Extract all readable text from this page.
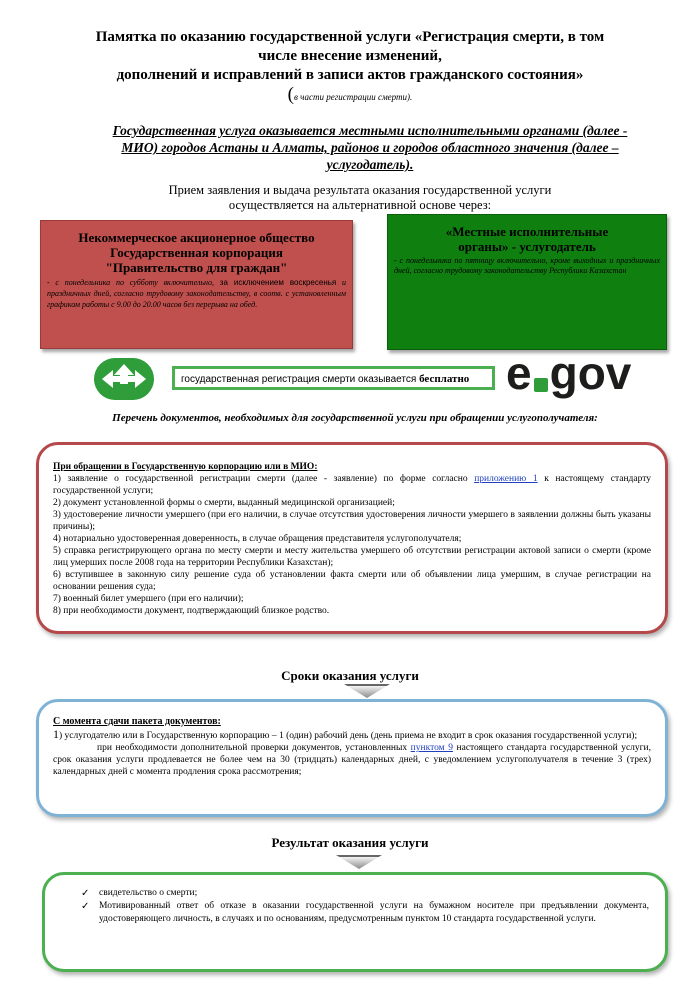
Памятка по оказанию государственной услуги «Регистрация смерти, в том
числе внесение изменений,
дополнений и исправлений в записи актов гражданского состояния»
(в части регистрации смерти).
Государственная услуга оказывается местными исполнительными органами (далее - МИО) городов Астаны и Алматы, районов и городов областного значения (далее – услугодатель).
Прием заявления и выдача результата оказания государственной услуги
осуществляется на альтернативной основе через:
Некоммерческое акционерное общество
Государственная корпорация
"Правительство для граждан"
- с понедельника по субботу включительно, за исключением воскресенья и праздничных дней, согласно трудовому законодательству, в соотв. с установленным графиком работы с 9.00 до 20.00 часов без перерыва на обед.
«Местные исполнительные
органы» - услугодатель
- с понедельника по пятницу включительно, кроме выходных и праздничных дней, согласно трудовому законодательству Республики Казахстан
государственная регистрация смерти оказывается бесплатно e gov
Перечень документов, необходимых для государственной услуги при обращении услугополучателя:
При обращении в Государственную корпорацию или в МИО:
1) заявление о государственной регистрации смерти (далее - заявление) по форме согласно приложению 1 к настоящему стандарту государственной услуги;
2) документ установленной формы о смерти, выданный медицинской организацией;
3) удостоверение личности умершего (при его наличии, в случае отсутствия удостоверения личности умершего в заявлении должны быть указаны причины);
4) нотариально удостоверенная доверенность, в случае обращения представителя услугополучателя;
5) справка регистрирующего органа по месту смерти и месту жительства умершего об отсутствии регистрации актовой записи о смерти (кроме лиц умерших после 2008 года на территории Республики Казахстан);
6) вступившее в законную силу решение суда об установлении факта смерти или об объявлении лица умершим, в случае регистрации на основании решения суда;
7) военный билет умершего (при его наличии);
8) при необходимости документ, подтверждающий близкое родство.
Сроки оказания услуги
С момента сдачи пакета документов:
1) услугодателю или в Государственную корпорацию – 1 (один) рабочий день (день приема не входит в срок оказания государственной услуги);
при необходимости дополнительной проверки документов, установленных пунктом 9 настоящего стандарта государственной услуги, срок оказания услуги продлевается не более чем на 30 (тридцать) календарных дней, с уведомлением услугополучателя в течение 3 (трех) календарных дней с момента продления срока рассмотрения;
Результат оказания услуги
✓ свидетельство о смерти;
✓ Мотивированный ответ об отказе в оказании государственной услуги на бумажном носителе при предъявлении документа, удостоверяющего личность, в случаях и по основаниям, предусмотренным пунктом 10 стандарта государственной услуги.
